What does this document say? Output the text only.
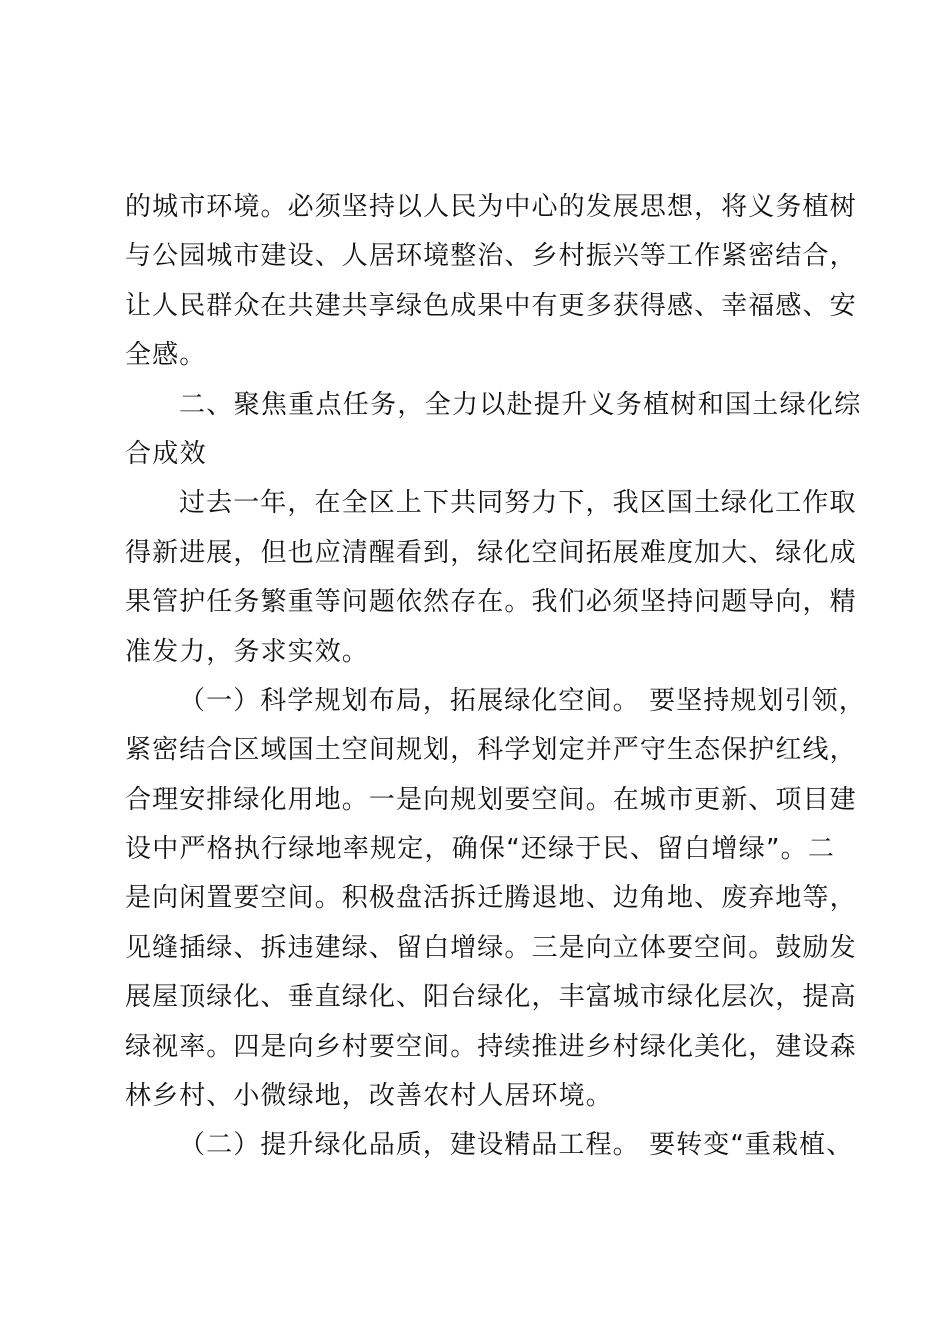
的城市环境。必须坚持以人民为中心的发展思想，将义务植树
与公园城市建设、人居环境整治、乡村振兴等工作紧密结合，
让人民群众在共建共享绿色成果中有更多获得感、幸福感、安
全感。
二、聚焦重点任务，全力以赴提升义务植树和国土绿化综
合成效
过去一年，在全区上下共同努力下，我区国土绿化工作取
得新进展，但也应清醒看到，绿化空间拓展难度加大、绿化成
果管护任务繁重等问题依然存在。我们必须坚持问题导向，精
准发力，务求实效。
（一）科学规划布局，拓展绿化空间。 要坚持规划引领，
紧密结合区域国土空间规划，科学划定并严守生态保护红线，
合理安排绿化用地。一是向规划要空间。在城市更新、项目建
设中严格执行绿地率规定，确保“还绿于民、留白增绿”。二
是向闲置要空间。积极盘活拆迁腾退地、边角地、废弃地等，
见缝插绿、拆违建绿、留白增绿。三是向立体要空间。鼓励发
展屋顶绿化、垂直绿化、阳台绿化，丰富城市绿化层次，提高
绿视率。四是向乡村要空间。持续推进乡村绿化美化，建设森
林乡村、小微绿地，改善农村人居环境。
（二）提升绿化品质，建设精品工程。 要转变“重栽植、
